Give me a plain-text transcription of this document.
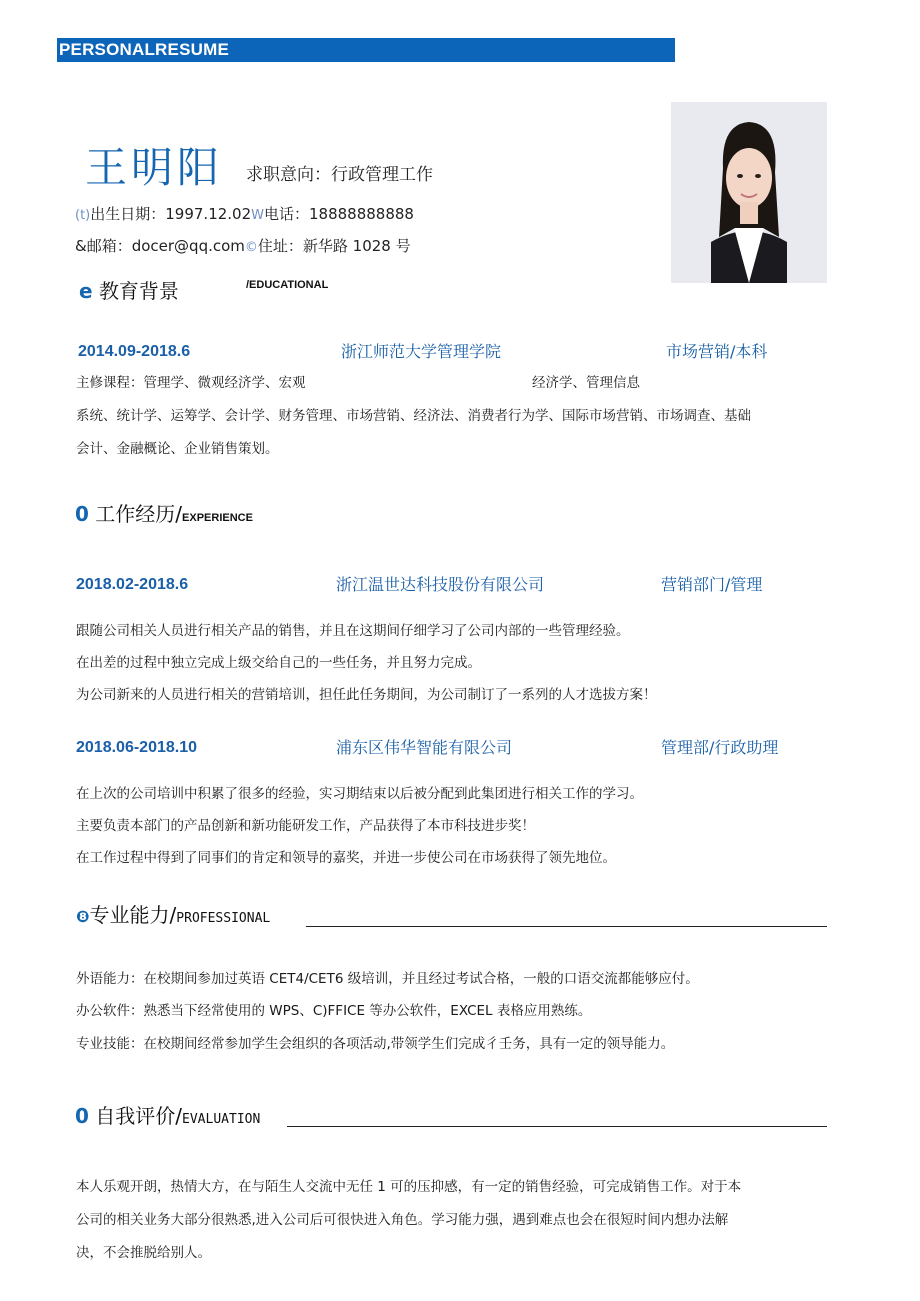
PERSONALRESUME
王明阳 求职意向：行政管理工作
(t)出生日期：1997.12.02W电话：18888888888
&邮箱：docer@qq.com©住址：新华路 1028 号
e 教育背景	/EDUCATIONAL
2014.09-2018.6	浙江师范大学管理学院	市场营销/本科
主修课程：管理学、微观经济学、宏观	经济学、管理信息
系统、统计学、运筹学、会计学、财务管理、市场营销、经济法、消费者行为学、国际市场营销、市场调查、基础
会计、金融概论、企业销售策划。
0 工作经历/EXPERIENCE
2018.02-2018.6	浙江温世达科技股份有限公司	营销部门/管理
跟随公司相关人员进行相关产品的销售，并且在这期间仔细学习了公司内部的一些管理经验。
在出差的过程中独立完成上级交给自己的一些任务，并且努力完成。
为公司新来的人员进行相关的营销培训，担任此任务期间，为公司制订了一系列的人才选拔方案！
2018.06-2018.10	浦东区伟华智能有限公司	管理部/行政助理
在上次的公司培训中积累了很多的经验，实习期结束以后被分配到此集团进行相关工作的学习。
主要负责本部门的产品创新和新功能研发工作，产品获得了本市科技进步奖！
在工作过程中得到了同事们的肯定和领导的嘉奖，并进一步使公司在市场获得了领先地位。
❽专业能力/PROFESSIONAL
外语能力：在校期间参加过英语 CET4/CET6 级培训，并且经过考试合格，一般的口语交流都能够应付。
办公软件：熟悉当下经常使用的 WPS、C)FFICE 等办公软件，EXCEL 表格应用熟练。
专业技能：在校期间经常参加学生会组织的各项活动,带领学生们完成彳壬务，具有一定的领导能力。
0 自我评价/EVALUATION
本人乐观开朗，热情大方，在与陌生人交流中无任 1 可的压抑感，有一定的销售经验，可完成销售工作。对于本
公司的相关业务大部分很熟悉,进入公司后可很快进入角色。学习能力强，遇到难点也会在很短时间内想办法解
决，不会推脱给别人。
